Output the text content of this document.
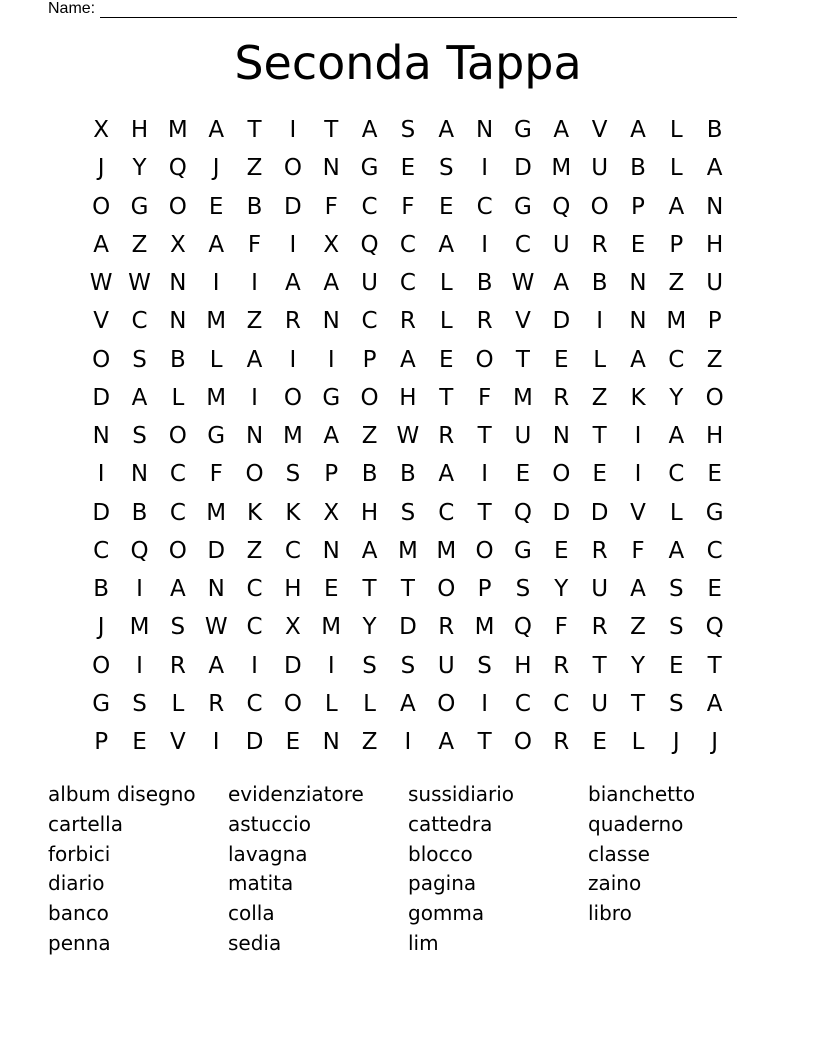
Name:
Seconda Tappa
X H M A	T	I	T	A	S	A N G A V A	L	B
J	Y Q	J	Z O N G E	S	I	D M U B	L	A
O G O E	B D F	C	F	E	C G Q O P	A N
A Z X A	F	I	X Q C A	I	C U R	E	P H
W W N	I	I	A A U C	L	B W A B N Z U
V C N M Z R N C R	L	R V D	I	N M P
O S	B	L	A	I	I	P	A	E O T	E	L	A C Z
D A	L M	I	O G O H T	F M R Z K	Y O
N S O G N M A Z W R	T U N T	I	A H
I	N C	F O S	P	B B A	I	E O E	I	C	E
D B C M K	K X H S	C	T Q D D V	L	G
C Q O D Z C N A M M O G E	R	F	A C
B	I	A N C H E	T	T O P	S	Y U A	S	E
J	M S W C X M Y D R M Q F	R Z	S Q
O	I	R A	I	D	I	S	S U S H R	T	Y	E	T
G S	L	R C O L	L	A O	I	C C U T	S	A
P	E	V	I	D E N Z	I	A	T O R	E	L	J	J
album disegno
cartella
forbici
diario
banco
penna
evidenziatore
astuccio
lavagna
matita
colla
sedia
sussidiario
cattedra
blocco
pagina
gomma
lim
bianchetto
quaderno
classe
zaino
libro
